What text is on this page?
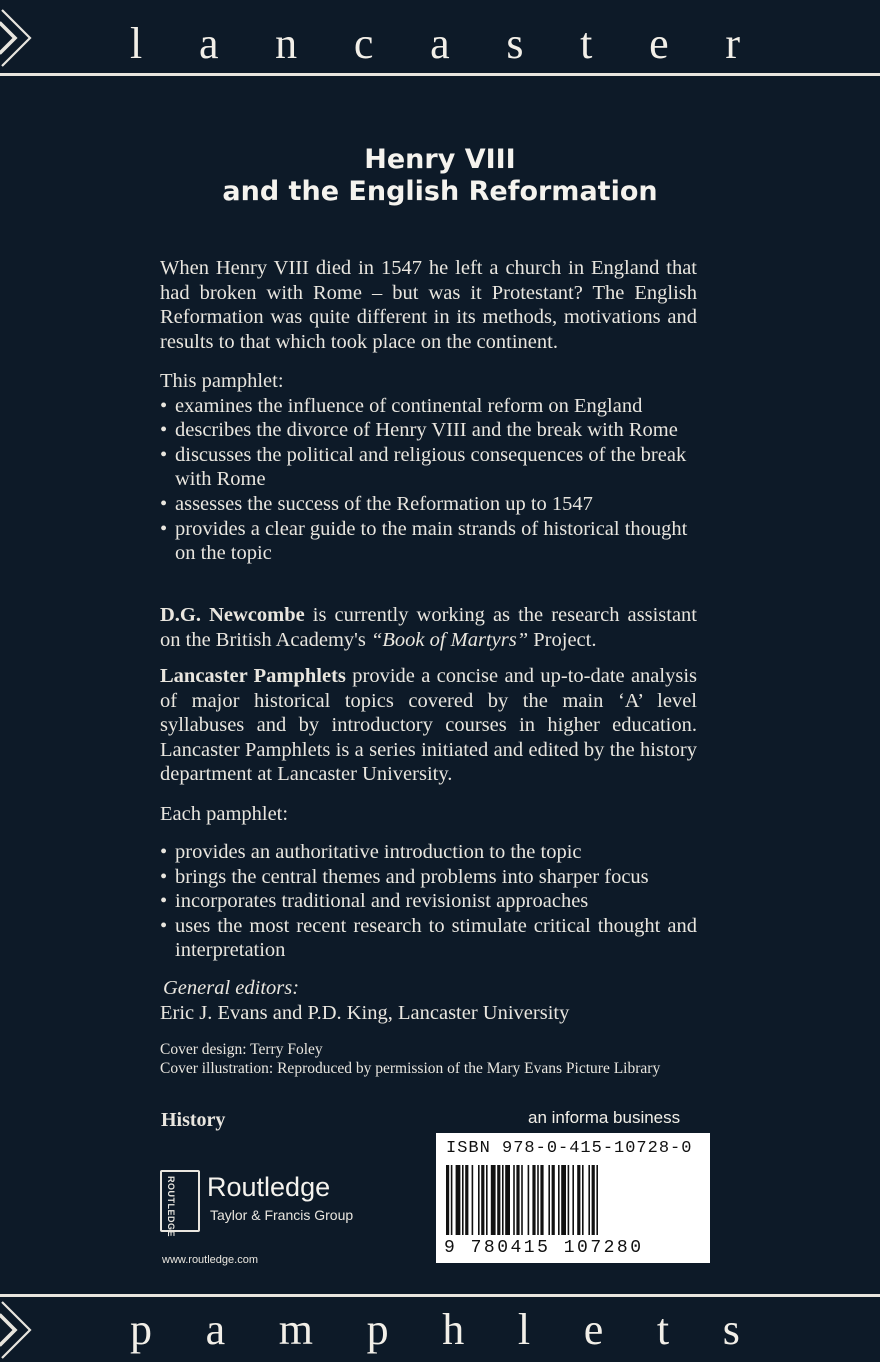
l a n c a s t e r
Henry VIII
and the English Reformation
When Henry VIII died in 1547 he left a church in England that had broken with Rome – but was it Protestant? The English Reformation was quite different in its methods, motivations and results to that which took place on the continent.
This pamphlet:
• examines the influence of continental reform on England
• describes the divorce of Henry VIII and the break with Rome
• discusses the political and religious consequences of the break with Rome
• assesses the success of the Reformation up to 1547
• provides a clear guide to the main strands of historical thought on the topic
D.G. Newcombe is currently working as the research assistant on the British Academy's “Book of Martyrs” Project.
Lancaster Pamphlets provide a concise and up-to-date analysis of major historical topics covered by the main ‘A’ level syllabuses and by introductory courses in higher education. Lancaster Pamphlets is a series initiated and edited by the history department at Lancaster University.
Each pamphlet:
• provides an authoritative introduction to the topic
• brings the central themes and problems into sharper focus
• incorporates traditional and revisionist approaches
• uses the most recent research to stimulate critical thought and interpretation
General editors:
Eric J. Evans and P.D. King, Lancaster University
Cover design: Terry Foley
Cover illustration: Reproduced by permission of the Mary Evans Picture Library
History	an informa business
ISBN 978-0-415-10728-0
9 780415 107280
ROUTLEDGE Routledge
Taylor & Francis Group
www.routledge.com
p a m p h l e t s
